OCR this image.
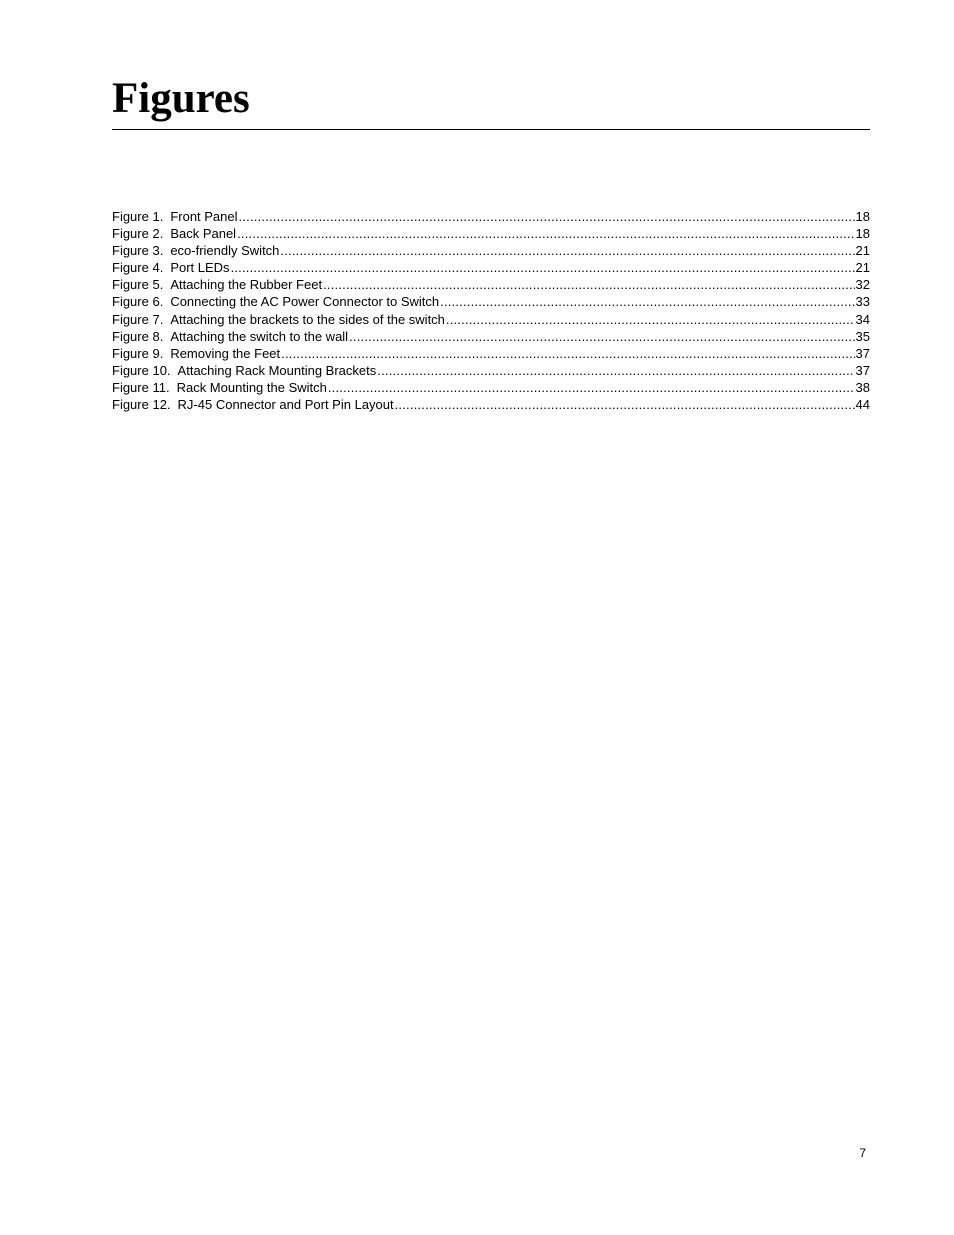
Figures
Figure 1. Front Panel .....	18
Figure 2. Back Panel .....	18
Figure 3. eco-friendly Switch .....	21
Figure 4. Port LEDs .....	21
Figure 5. Attaching the Rubber Feet .....	32
Figure 6. Connecting the AC Power Connector to Switch .....	33
Figure 7. Attaching the brackets to the sides of the switch .....	34
Figure 8. Attaching the switch to the wall .....	35
Figure 9. Removing the Feet .....	37
Figure 10. Attaching Rack Mounting Brackets .....	37
Figure 11. Rack Mounting the Switch .....	38
Figure 12. RJ-45 Connector and Port Pin Layout .....	44

7
